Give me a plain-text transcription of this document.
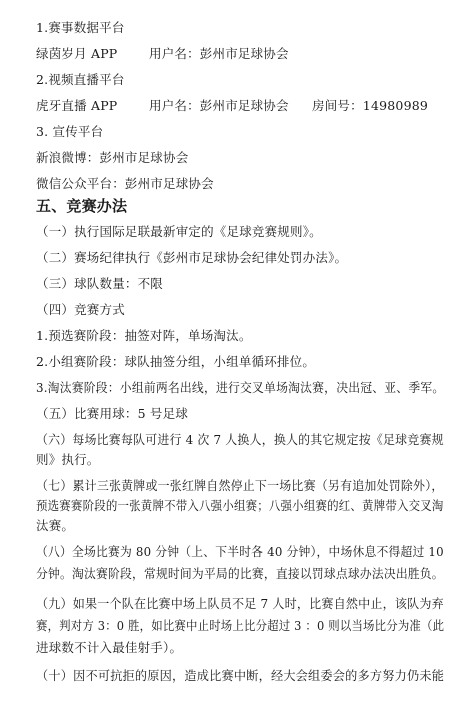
1.赛事数据平台
绿茵岁月 APP	用户名：彭州市足球协会
2.视频直播平台
虎牙直播 APP	用户名：彭州市足球协会 房间号：14980989
3. 宣传平台
新浪微博：彭州市足球协会
微信公众平台：彭州市足球协会
五、竞赛办法
（一）执行国际足联最新审定的《足球竞赛规则》。
（二）赛场纪律执行《彭州市足球协会纪律处罚办法》。
（三）球队数量：不限
（四）竞赛方式
1.预选赛阶段：抽签对阵，单场淘汰。
2.小组赛阶段：球队抽签分组，小组单循环排位。
3.淘汰赛阶段：小组前两名出线，进行交叉单场淘汰赛，决出冠、亚、季军。
（五）比赛用球：5 号足球
（六）每场比赛每队可进行 4 次 7 人换人，换人的其它规定按《足球竞赛规
则》执行。
（七）累计三张黄牌或一张红牌自然停止下一场比赛（另有追加处罚除外），
预选赛赛阶段的一张黄牌不带入八强小组赛；八强小组赛的红、黄牌带入交叉淘
汰赛。
（八）全场比赛为 80 分钟（上、下半时各 40 分钟），中场休息不得超过 10
分钟。淘汰赛阶段，常规时间为平局的比赛，直接以罚球点球办法决出胜负。
（九）如果一个队在比赛中场上队员不足 7 人时，比赛自然中止，该队为弃
赛，判对方 3：0 胜，如比赛中止时场上比分超过 3 ：0 则以当场比分为准（此
进球数不计入最佳射手）。
（十）因不可抗拒的原因，造成比赛中断，经大会组委会的多方努力仍未能
